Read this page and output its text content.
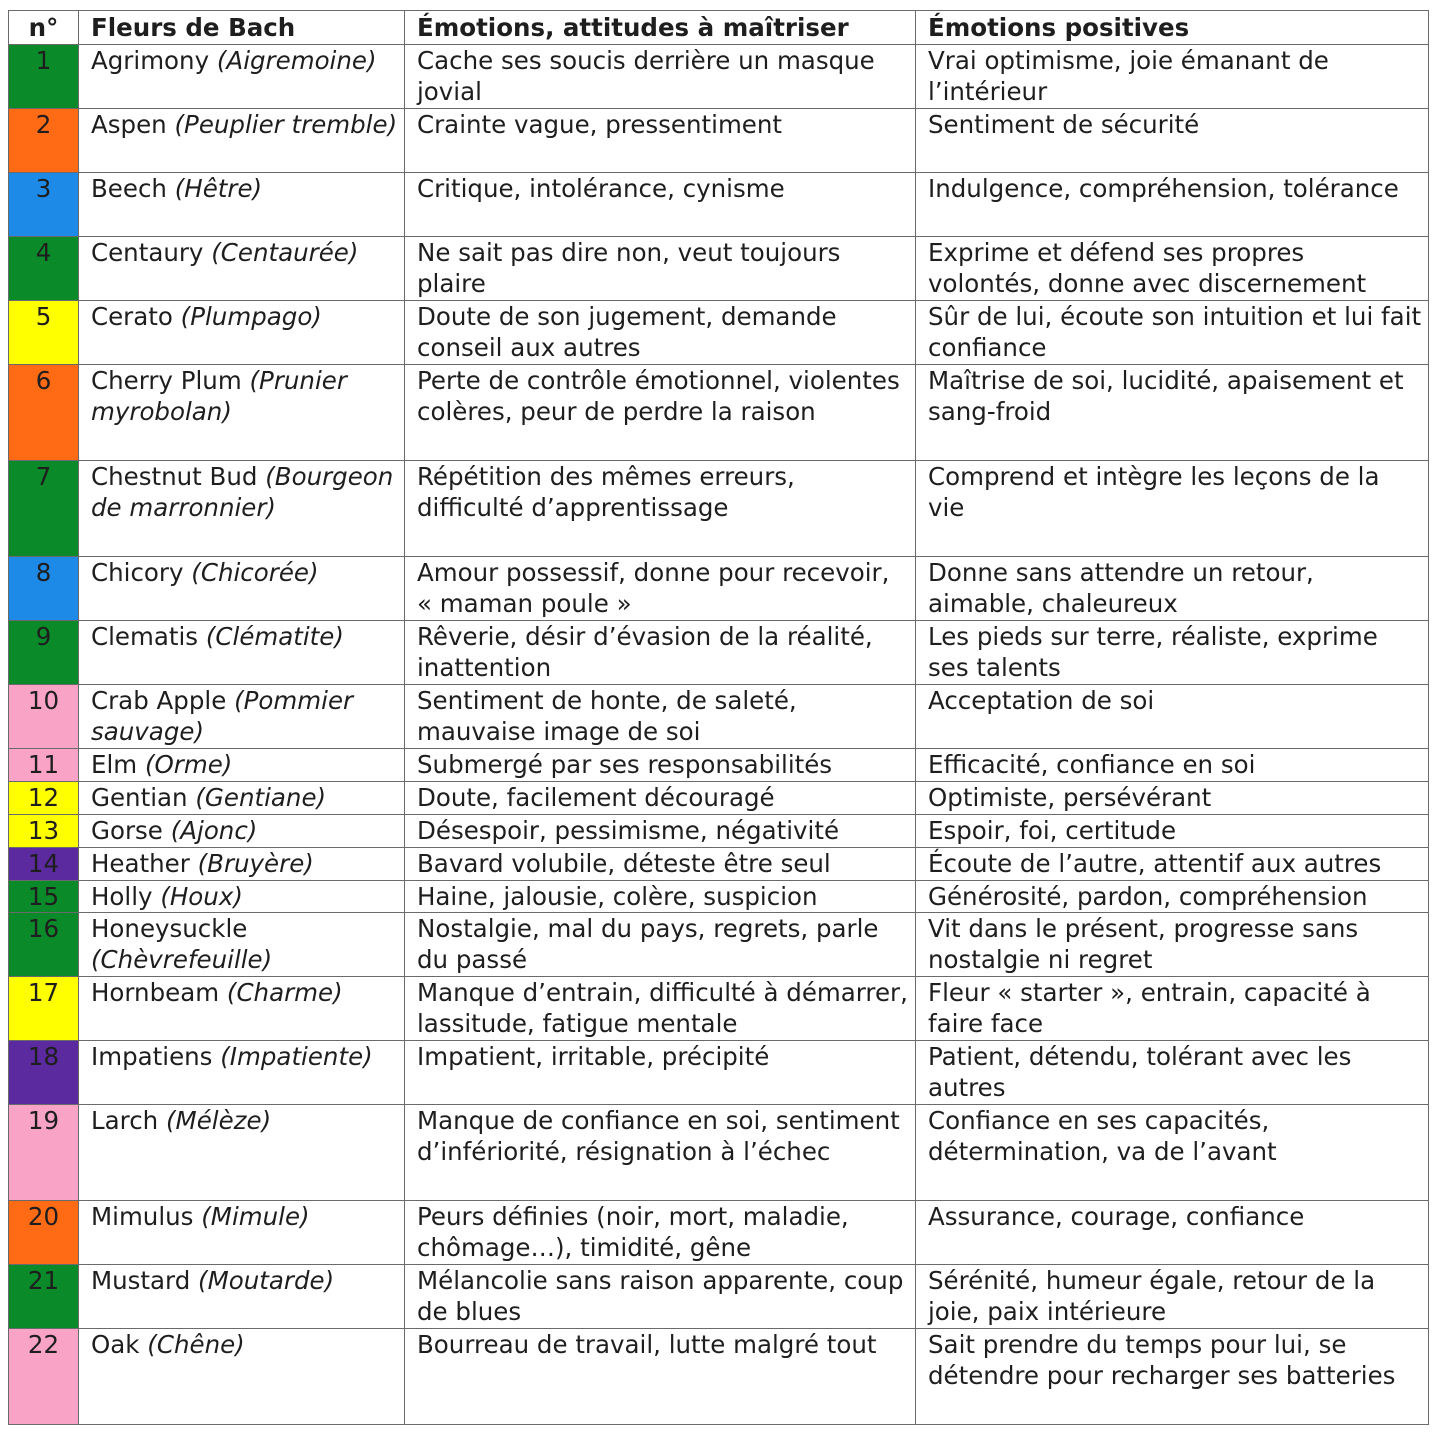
n°	Fleurs de Bach	Émotions, attitudes à maîtriser	Émotions positives
1	Agrimony (Aigremoine)	Cache ses soucis derrière un masque jovial	Vrai optimisme, joie émanant de l’intérieur
2	Aspen (Peuplier tremble)	Crainte vague, pressentiment	Sentiment de sécurité
3	Beech (Hêtre)	Critique, intolérance, cynisme	Indulgence, compréhension, tolérance
4	Centaury (Centaurée)	Ne sait pas dire non, veut toujours plaire	Exprime et défend ses propres volontés, donne avec discernement
5	Cerato (Plumpago)	Doute de son jugement, demande conseil aux autres	Sûr de lui, écoute son intuition et lui fait confiance
6	Cherry Plum (Prunier myrobolan)	Perte de contrôle émotionnel, violentes colères, peur de perdre la raison	Maîtrise de soi, lucidité, apaisement et sang-froid
7	Chestnut Bud (Bourgeon de marronnier)	Répétition des mêmes erreurs, difficulté d’apprentissage	Comprend et intègre les leçons de la vie
8	Chicory (Chicorée)	Amour possessif, donne pour recevoir, « maman poule »	Donne sans attendre un retour, aimable, chaleureux
9	Clematis (Clématite)	Rêverie, désir d’évasion de la réalité, inattention	Les pieds sur terre, réaliste, exprime ses talents
10	Crab Apple (Pommier sauvage)	Sentiment de honte, de saleté, mauvaise image de soi	Acceptation de soi
11	Elm (Orme)	Submergé par ses responsabilités	Efficacité, confiance en soi
12	Gentian (Gentiane)	Doute, facilement découragé	Optimiste, persévérant
13	Gorse (Ajonc)	Désespoir, pessimisme, négativité	Espoir, foi, certitude
14	Heather (Bruyère)	Bavard volubile, déteste être seul	Écoute de l’autre, attentif aux autres
15	Holly (Houx)	Haine, jalousie, colère, suspicion	Générosité, pardon, compréhension
16	Honeysuckle (Chèvrefeuille)	Nostalgie, mal du pays, regrets, parle du passé	Vit dans le présent, progresse sans nostalgie ni regret
17	Hornbeam (Charme)	Manque d’entrain, difficulté à démarrer, lassitude, fatigue mentale	Fleur « starter », entrain, capacité à faire face
18	Impatiens (Impatiente)	Impatient, irritable, précipité	Patient, détendu, tolérant avec les autres
19	Larch (Mélèze)	Manque de confiance en soi, sentiment d’infériorité, résignation à l’échec	Confiance en ses capacités, détermination, va de l’avant
20	Mimulus (Mimule)	Peurs définies (noir, mort, maladie, chômage…), timidité, gêne	Assurance, courage, confiance
21	Mustard (Moutarde)	Mélancolie sans raison apparente, coup de blues	Sérénité, humeur égale, retour de la joie, paix intérieure
22	Oak (Chêne)	Bourreau de travail, lutte malgré tout	Sait prendre du temps pour lui, se détendre pour recharger ses batteries
